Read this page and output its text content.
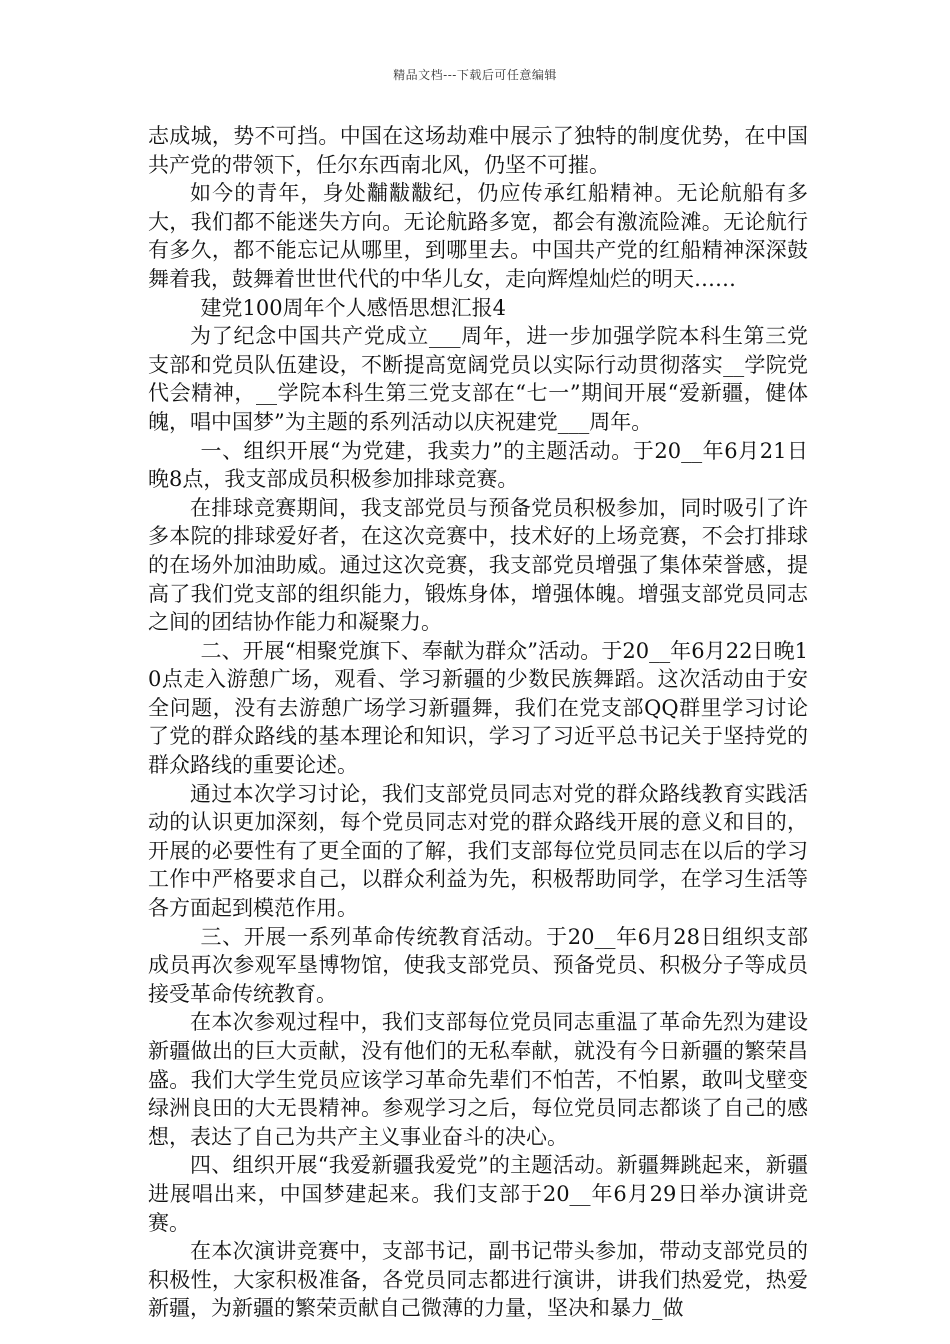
精品文档---下载后可任意编辑

志成城，势不可挡。中国在这场劫难中展示了独特的制度优势，在中国共产党的带领下，任尔东西南北风，仍坚不可摧。

如今的青年，身处黼黻黻纪，仍应传承红船精神。无论航船有多大，我们都不能迷失方向。无论航路多宽，都会有激流险滩。无论航行有多久，都不能忘记从哪里，到哪里去。中国共产党的红船精神深深鼓舞着我，鼓舞着世世代代的中华儿女，走向辉煌灿烂的明天……

建党100周年个人感悟思想汇报4

为了纪念中国共产党成立___周年，进一步加强学院本科生第三党支部和党员队伍建设，不断提高宽阔党员以实际行动贯彻落实__学院党代会精神，__学院本科生第三党支部在“七一”期间开展“爱新疆，健体魄，唱中国梦”为主题的系列活动以庆祝建党___周年。

一、组织开展“为党建，我卖力”的主题活动。于20__年6月21日晚8点，我支部成员积极参加排球竞赛。

在排球竞赛期间，我支部党员与预备党员积极参加，同时吸引了许多本院的排球爱好者，在这次竞赛中，技术好的上场竞赛，不会打排球的在场外加油助威。通过这次竞赛，我支部党员增强了集体荣誉感，提高了我们党支部的组织能力，锻炼身体，增强体魄。增强支部党员同志之间的团结协作能力和凝聚力。

二、开展“相聚党旗下、奉献为群众”活动。于20__年6月22日晚10点走入游憩广场，观看、学习新疆的少数民族舞蹈。这次活动由于安全问题，没有去游憩广场学习新疆舞，我们在党支部QQ群里学习讨论了党的群众路线的基本理论和知识，学习了习近平总书记关于坚持党的群众路线的重要论述。

通过本次学习讨论，我们支部党员同志对党的群众路线教育实践活动的认识更加深刻，每个党员同志对党的群众路线开展的意义和目的，开展的必要性有了更全面的了解，我们支部每位党员同志在以后的学习工作中严格要求自己，以群众利益为先，积极帮助同学，在学习生活等各方面起到模范作用。

三、开展一系列革命传统教育活动。于20__年6月28日组织支部成员再次参观军垦博物馆，使我支部党员、预备党员、积极分子等成员接受革命传统教育。

在本次参观过程中，我们支部每位党员同志重温了革命先烈为建设新疆做出的巨大贡献，没有他们的无私奉献，就没有今日新疆的繁荣昌盛。我们大学生党员应该学习革命先辈们不怕苦，不怕累，敢叫戈壁变绿洲良田的大无畏精神。参观学习之后，每位党员同志都谈了自己的感想，表达了自己为共产主义事业奋斗的决心。

四、组织开展“我爱新疆我爱党”的主题活动。新疆舞跳起来，新疆进展唱出来，中国梦建起来。我们支部于20__年6月29日举办演讲竞赛。

在本次演讲竞赛中，支部书记，副书记带头参加，带动支部党员的积极性，大家积极准备，各党员同志都进行演讲，讲我们热爱党，热爱新疆，为新疆的繁荣贡献自己微薄的力量，坚决和暴力_做
